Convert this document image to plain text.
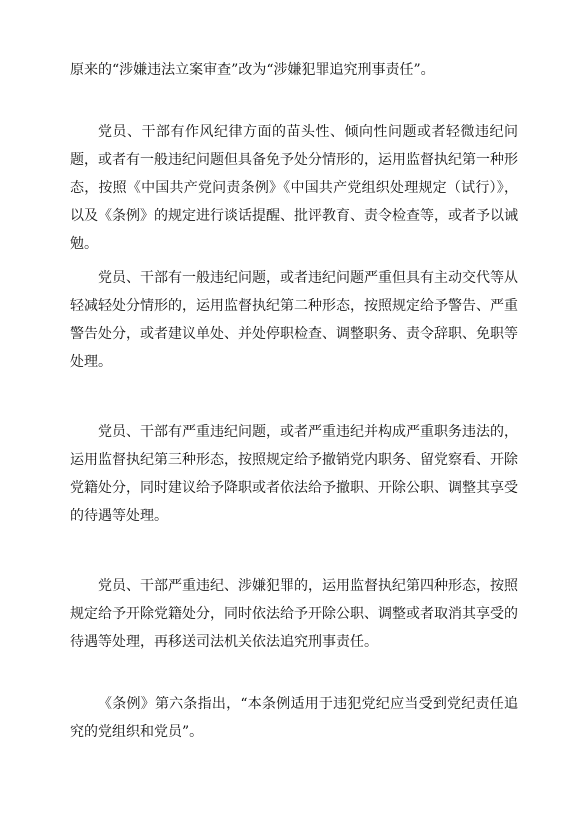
原来的“涉嫌违法立案审查”改为“涉嫌犯罪追究刑事责任”。

党员、干部有作风纪律方面的苗头性、倾向性问题或者轻微违纪问题，或者有一般违纪问题但具备免予处分情形的，运用监督执纪第一种形态，按照《中国共产党问责条例》《中国共产党组织处理规定（试行）》，以及《条例》的规定进行谈话提醒、批评教育、责令检查等，或者予以诫勉。

党员、干部有一般违纪问题，或者违纪问题严重但具有主动交代等从轻减轻处分情形的，运用监督执纪第二种形态，按照规定给予警告、严重警告处分，或者建议单处、并处停职检查、调整职务、责令辞职、免职等处理。

党员、干部有严重违纪问题，或者严重违纪并构成严重职务违法的，运用监督执纪第三种形态，按照规定给予撤销党内职务、留党察看、开除党籍处分，同时建议给予降职或者依法给予撤职、开除公职、调整其享受的待遇等处理。

党员、干部严重违纪、涉嫌犯罪的，运用监督执纪第四种形态，按照规定给予开除党籍处分，同时依法给予开除公职、调整或者取消其享受的待遇等处理，再移送司法机关依法追究刑事责任。

《条例》第六条指出，“本条例适用于违犯党纪应当受到党纪责任追究的党组织和党员”。
